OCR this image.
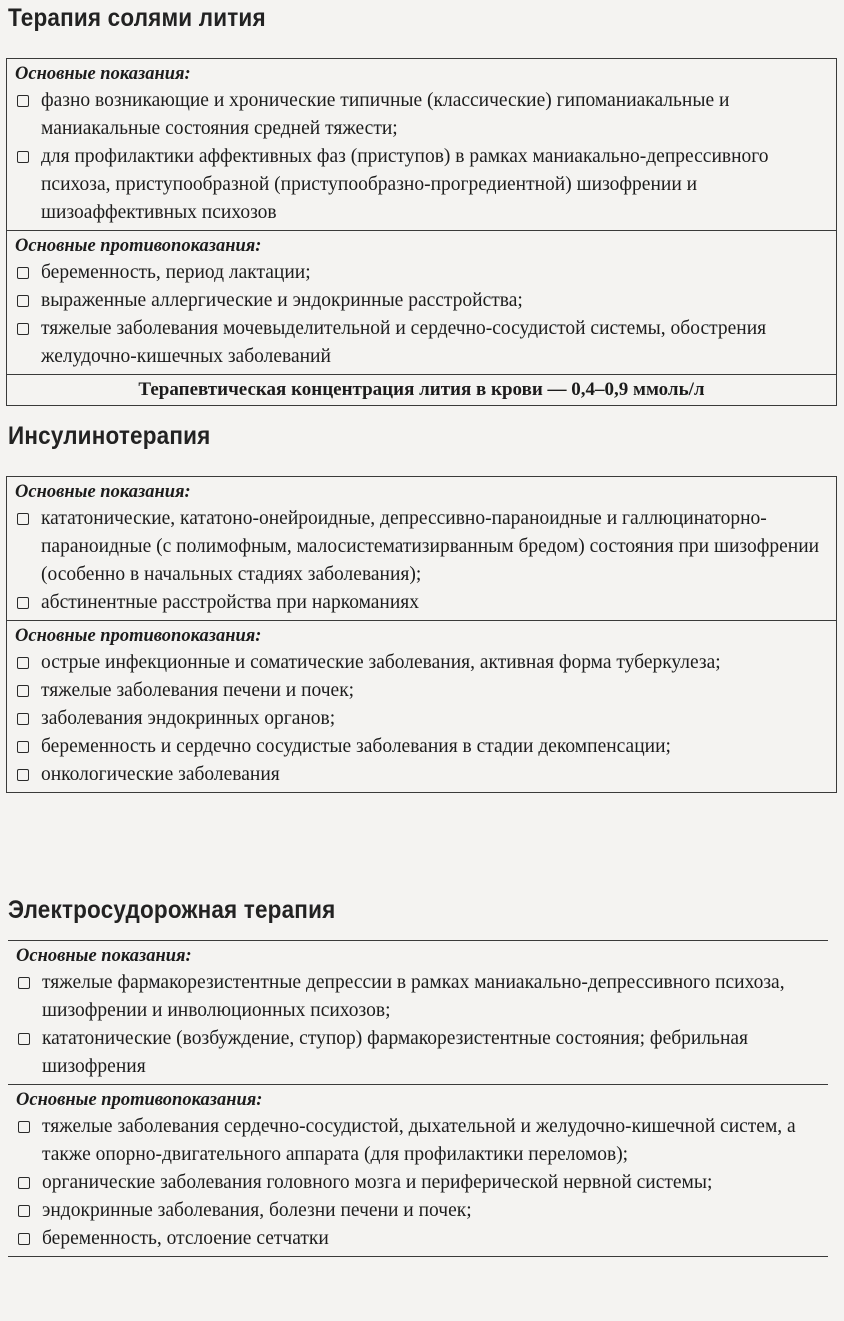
Терапия солями лития

Основные показания:

фазно возникающие и хронические типичные (классические) гипоманиакальные и маниакальные состояния средней тяжести;
для профилактики аффективных фаз (приступов) в рамках маниакально-депрессивного психоза, приступообразной (приступообразно-прогредиентной) шизофрении и шизоаффективных психозов

Основные противопоказания:

беременность, период лактации;
выраженные аллергические и эндокринные расстройства;
тяжелые заболевания мочевыделительной и сердечно-сосудистой системы, обострения желудочно-кишечных заболеваний
Терапевтическая концентрация лития в крови — 0,4–0,9 ммоль/л
Инсулинотерапия

Основные показания:

кататонические, кататоно-онейроидные, депрессивно-параноидные и галлюцинаторно-параноидные (с полимофным, малосистематизирванным бредом) состояния при шизофрении (особенно в начальных стадиях заболевания);
абстинентные расстройства при наркоманиях

Основные противопоказания:

острые инфекционные и соматические заболевания, активная форма туберкулеза;
тяжелые заболевания печени и почек;
заболевания эндокринных органов;
беременность и сердечно сосудистые заболевания в стадии декомпенсации;
онкологические заболевания
Электросудорожная терапия

Основные показания:

тяжелые фармакорезистентные депрессии в рамках маниакально-депрессивного психоза, шизофрении и инволюционных психозов;
кататонические (возбуждение, ступор) фармакорезистентные состояния; фебрильная шизофрения

Основные противопоказания:

тяжелые заболевания сердечно-сосудистой, дыхательной и желудочно-кишечной систем, а также опорно-двигательного аппарата (для профилактики переломов);
органические заболевания головного мозга и периферической нервной системы;
эндокринные заболевания, болезни печени и почек;
беременность, отслоение сетчатки
